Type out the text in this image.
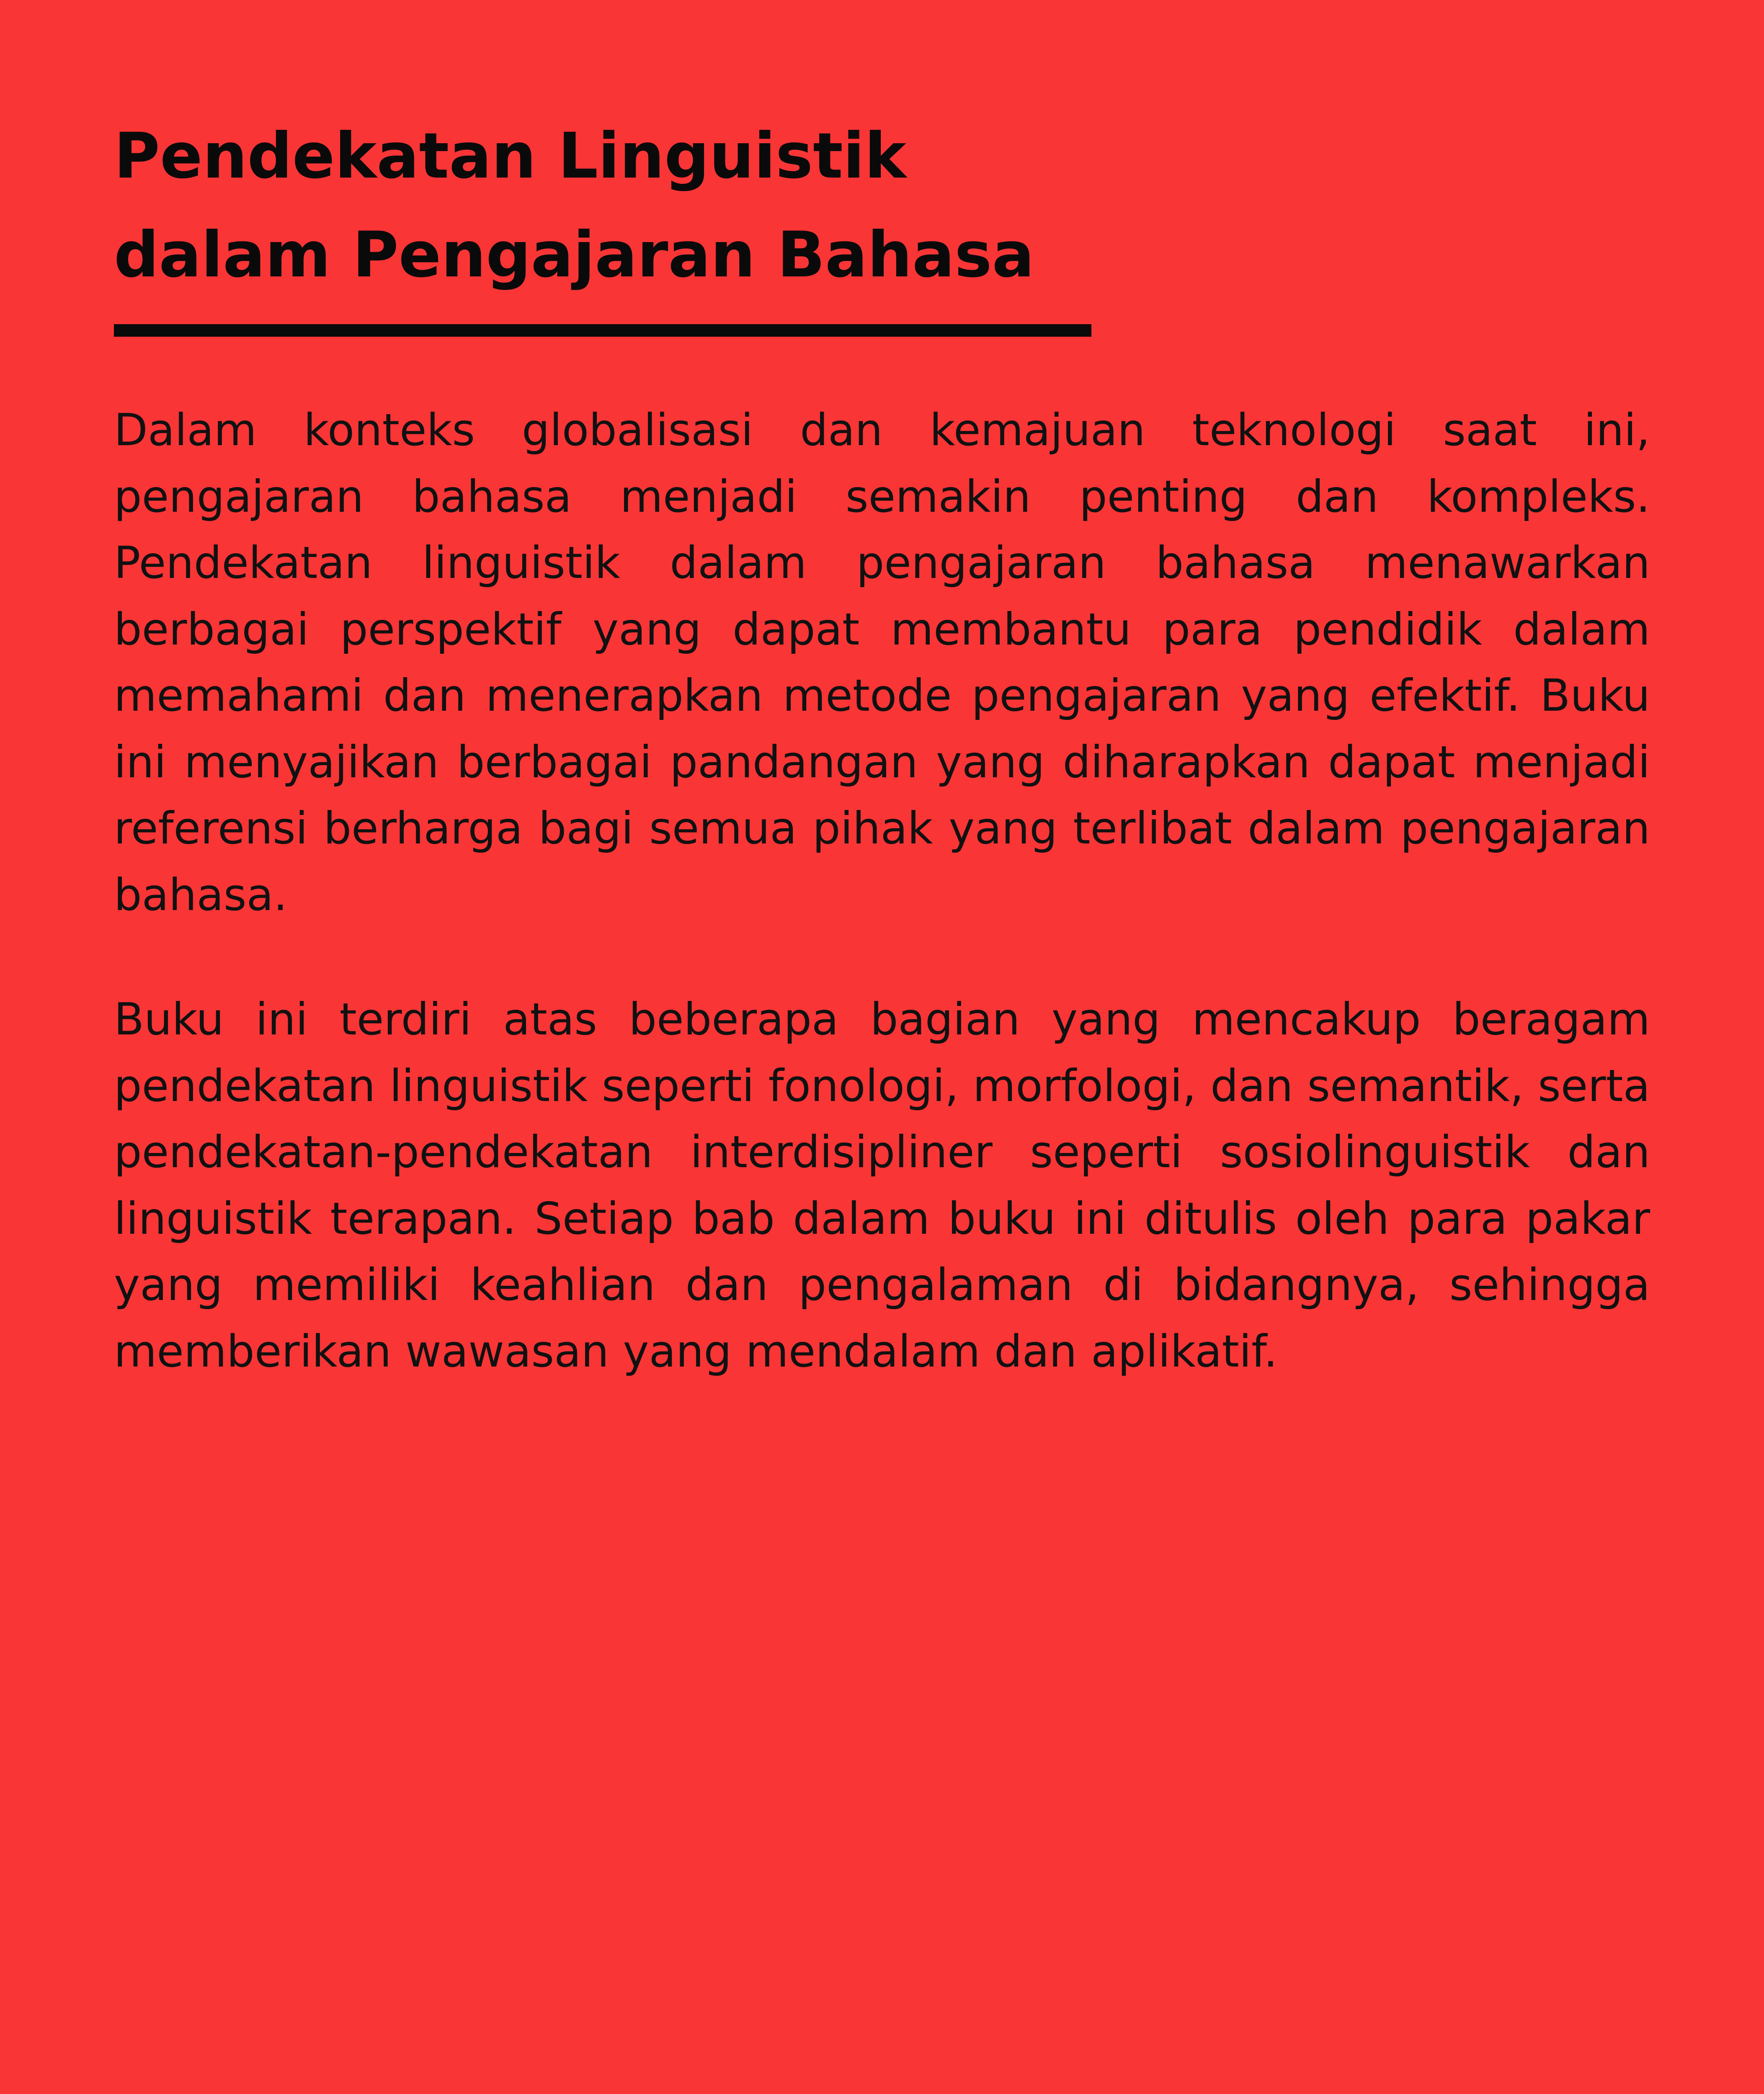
Pendekatan Linguistik
dalam Pengajaran Bahasa

Dalam konteks globalisasi dan kemajuan teknologi saat ini, pengajaran bahasa menjadi semakin penting dan kompleks. Pendekatan linguistik dalam pengajaran bahasa menawarkan berbagai perspektif yang dapat membantu para pendidik dalam memahami dan menerapkan metode pengajaran yang efektif. Buku ini menyajikan berbagai pandangan yang diharapkan dapat menjadi referensi berharga bagi semua pihak yang terlibat dalam pengajaran bahasa.

Buku ini terdiri atas beberapa bagian yang mencakup beragam pendekatan linguistik seperti fonologi, morfologi, dan semantik, serta pendekatan-pendekatan interdisipliner seperti sosiolinguistik dan linguistik terapan. Setiap bab dalam buku ini ditulis oleh para pakar yang memiliki keahlian dan pengalaman di bidangnya, sehingga memberikan wawasan yang mendalam dan aplikatif.
